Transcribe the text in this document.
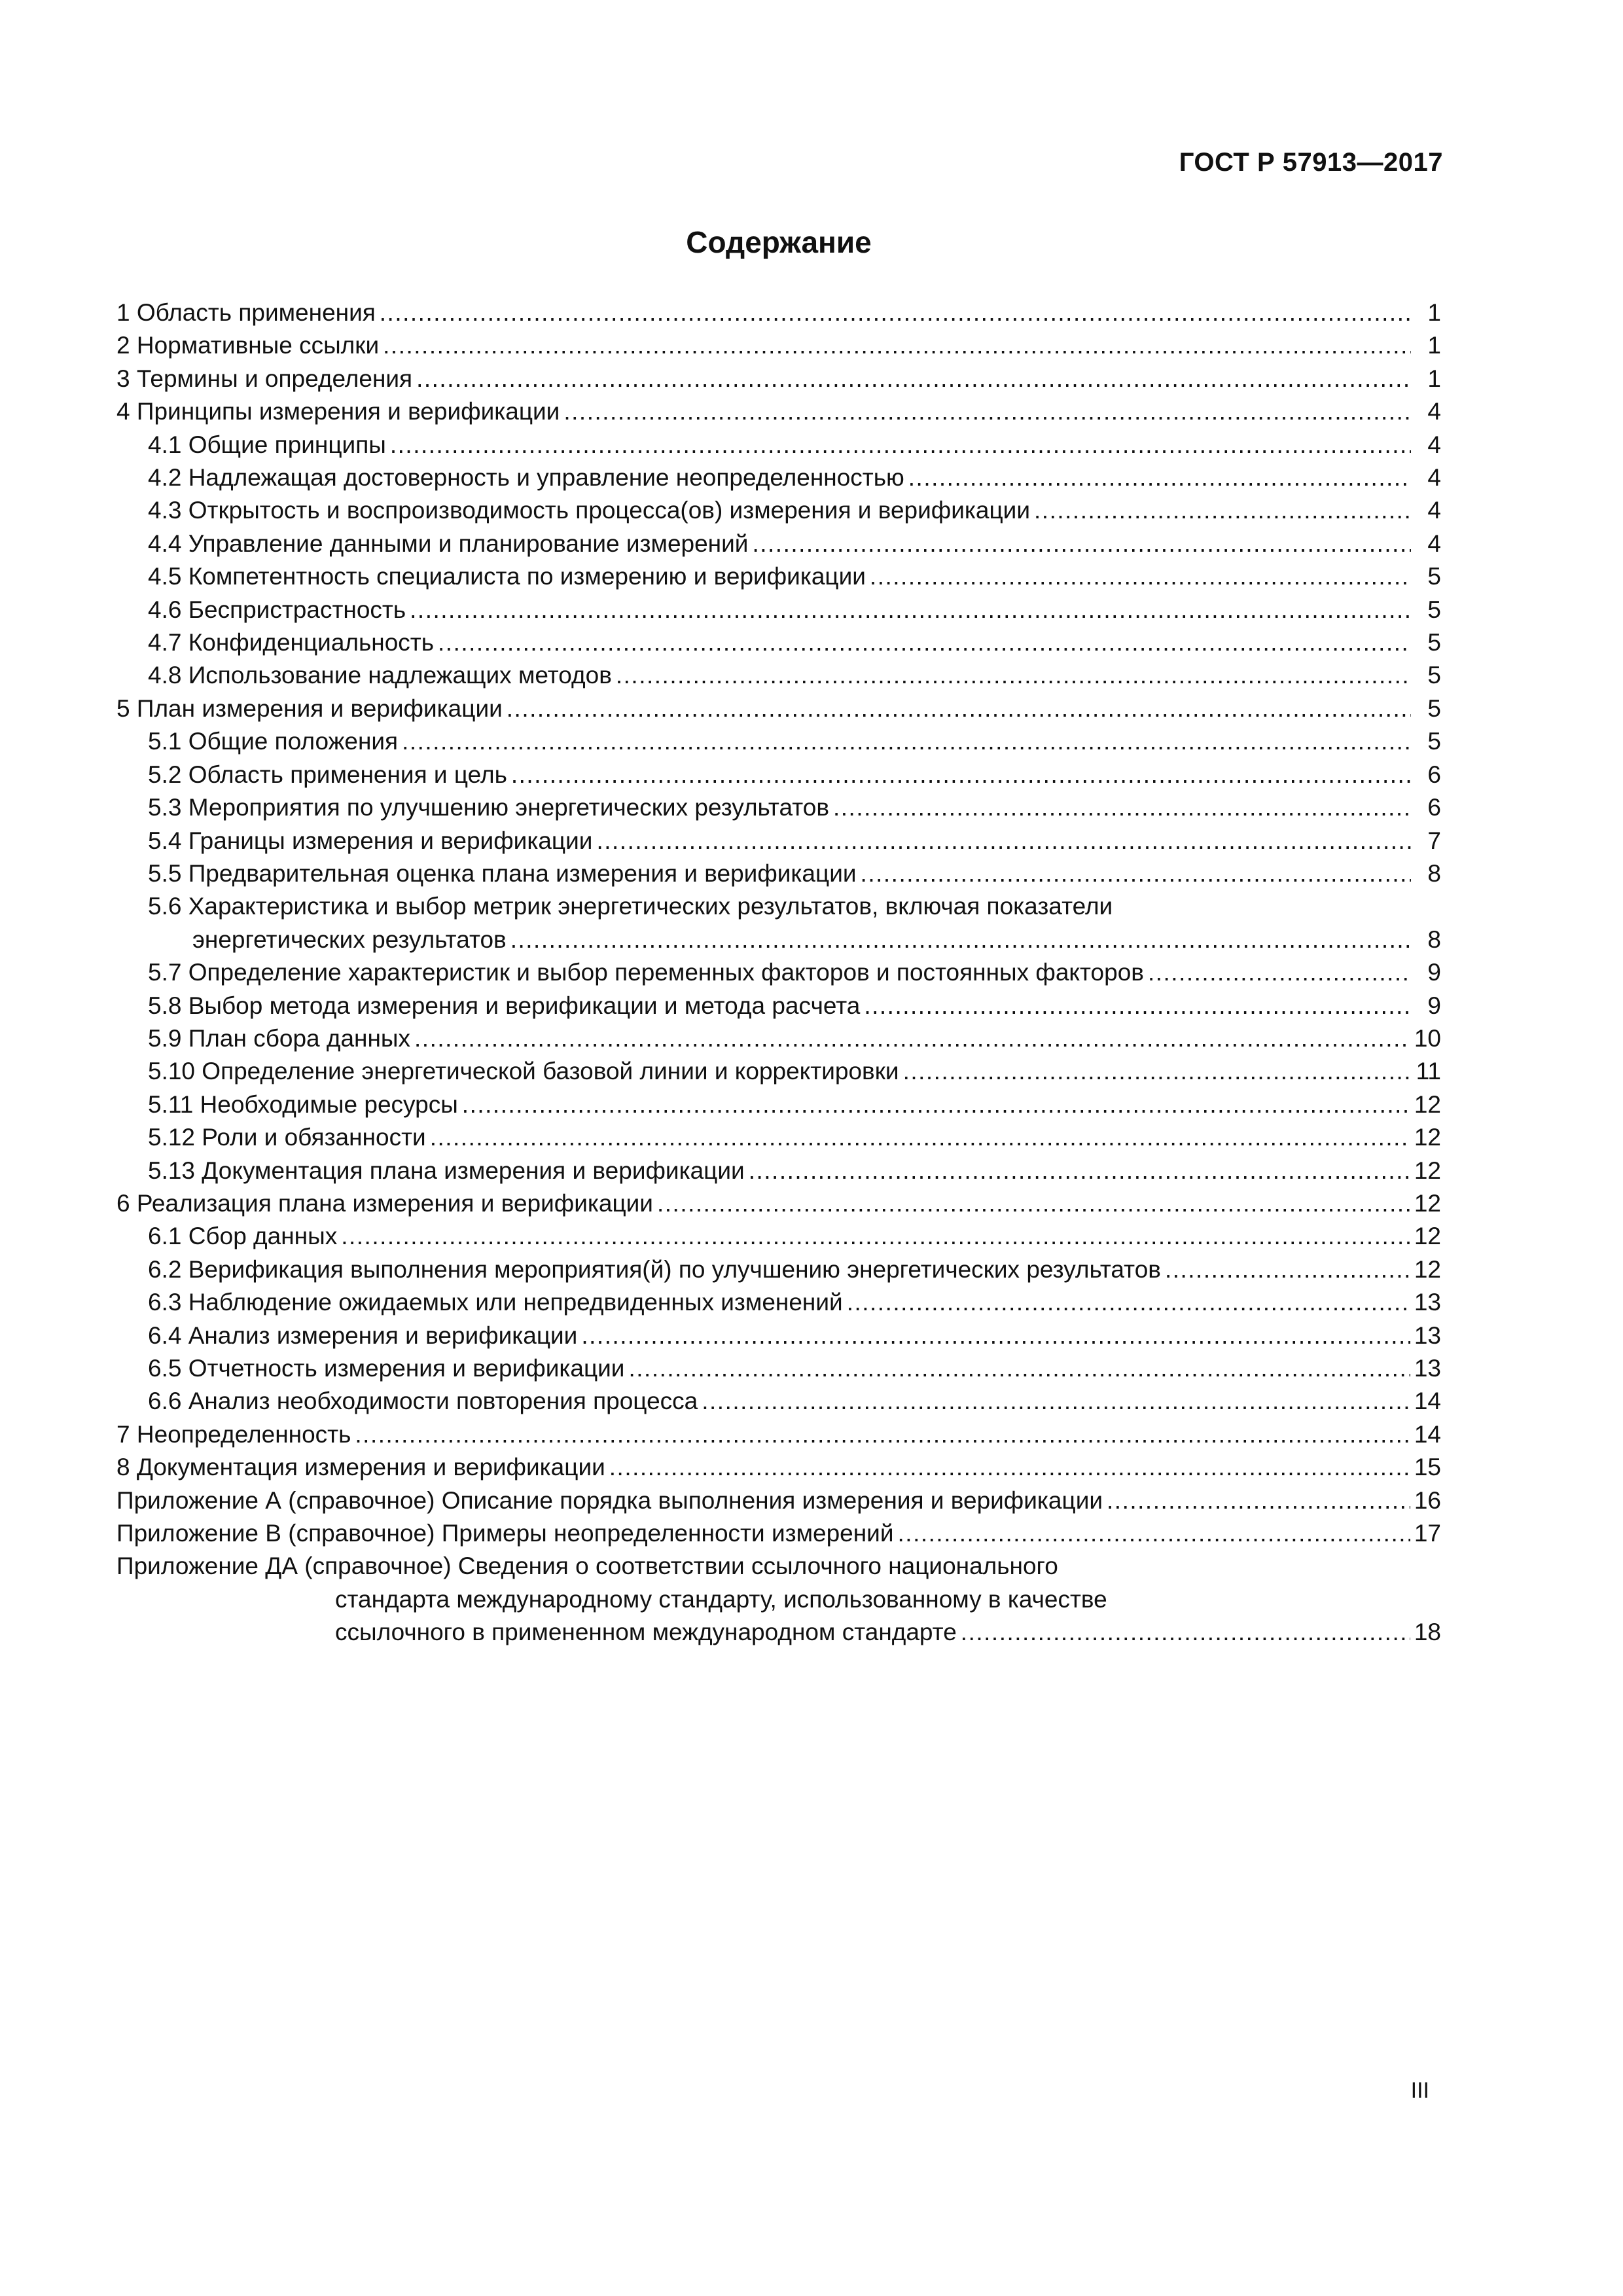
ГОСТ Р 57913—2017
Содержание
1 Область применения .....	1
2 Нормативные ссылки .....	1
3 Термины и определения .....	1
4 Принципы измерения и верификации .....	4
4.1 Общие принципы .....	4
4.2 Надлежащая достоверность и управление неопределенностью .....	4
4.3 Открытость и воспроизводимость процесса(ов) измерения и верификации .....	4
4.4 Управление данными и планирование измерений .....	4
4.5 Компетентность специалиста по измерению и верификации .....	5
4.6 Беспристрастность .....	5
4.7 Конфиденциальность .....	5
4.8 Использование надлежащих методов .....	5
5 План измерения и верификации .....	5
5.1 Общие положения .....	5
5.2 Область применения и цель .....	6
5.3 Мероприятия по улучшению энергетических результатов .....	6
5.4 Границы измерения и верификации .....	7
5.5 Предварительная оценка плана измерения и верификации .....	8
5.6 Характеристика и выбор метрик энергетических результатов, включая показатели
энергетических результатов .....	8
5.7 Определение характеристик и выбор переменных факторов и постоянных факторов .....	9
5.8 Выбор метода измерения и верификации и метода расчета .....	9
5.9 План сбора данных .....	10
5.10 Определение энергетической базовой линии и корректировки .....	11
5.11 Необходимые ресурсы .....	12
5.12 Роли и обязанности .....	12
5.13 Документация плана измерения и верификации .....	12
6 Реализация плана измерения и верификации .....	12
6.1 Сбор данных .....	12
6.2 Верификация выполнения мероприятия(й) по улучшению энергетических результатов .....	12
6.3 Наблюдение ожидаемых или непредвиденных изменений .....	13
6.4 Анализ измерения и верификации .....	13
6.5 Отчетность измерения и верификации .....	13
6.6 Анализ необходимости повторения процесса .....	14
7 Неопределенность .....	14
8 Документация измерения и верификации .....	15
Приложение А (справочное) Описание порядка выполнения измерения и верификации .....	16
Приложение В (справочное) Примеры неопределенности измерений .....	17
Приложение ДА (справочное) Сведения о соответствии ссылочного национального
стандарта международному стандарту, использованному в качестве
ссылочного в примененном международном стандарте .....	18
III
